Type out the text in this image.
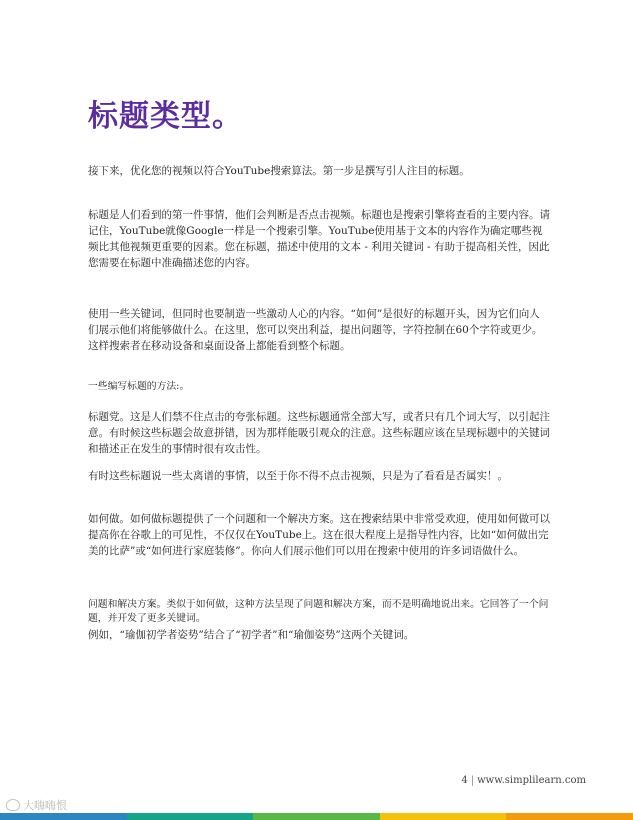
标题类型。

接下来，优化您的视频以符合YouTube搜索算法。第一步是撰写引人注目的标题。

标题是人们看到的第一件事情，他们会判断是否点击视频。标题也是搜索引擎将查看的主要内容。请记住，YouTube就像Google一样是一个搜索引擎。YouTube使用基于文本的内容作为确定哪些视频比其他视频更重要的因素。您在标题，描述中使用的文本 - 利用关键词 - 有助于提高相关性，因此您需要在标题中准确描述您的内容。

使用一些关键词，但同时也要制造一些激动人心的内容。“如何”是很好的标题开头，因为它们向人们展示他们将能够做什么。在这里，您可以突出利益，提出问题等，字符控制在60个字符或更少。这样搜索者在移动设备和桌面设备上都能看到整个标题。

一些编写标题的方法:。

标题党。这是人们禁不住点击的夸张标题。这些标题通常全部大写，或者只有几个词大写，以引起注意。有时候这些标题会故意拼错，因为那样能吸引观众的注意。这些标题应该在呈现标题中的关键词和描述正在发生的事情时很有攻击性。

有时这些标题说一些太离谱的事情，以至于你不得不点击视频，只是为了看看是否属实！。

如何做。如何做标题提供了一个问题和一个解决方案。这在搜索结果中非常受欢迎，使用如何做可以提高你在谷歌上的可见性，不仅仅在YouTube上。这在很大程度上是指导性内容，比如“如何做出完美的比萨”或“如何进行家庭装修”。你向人们展示他们可以用在搜索中使用的许多词语做什么。

问题和解决方案。类似于如何做，这种方法呈现了问题和解决方案，而不是明确地说出来。它回答了一个问题，并开发了更多关键词。

例如，“瑜伽初学者姿势”结合了“初学者”和“瑜伽姿势”这两个关键词。

4 | www.simplilearn.com
大嗨嗨恨
